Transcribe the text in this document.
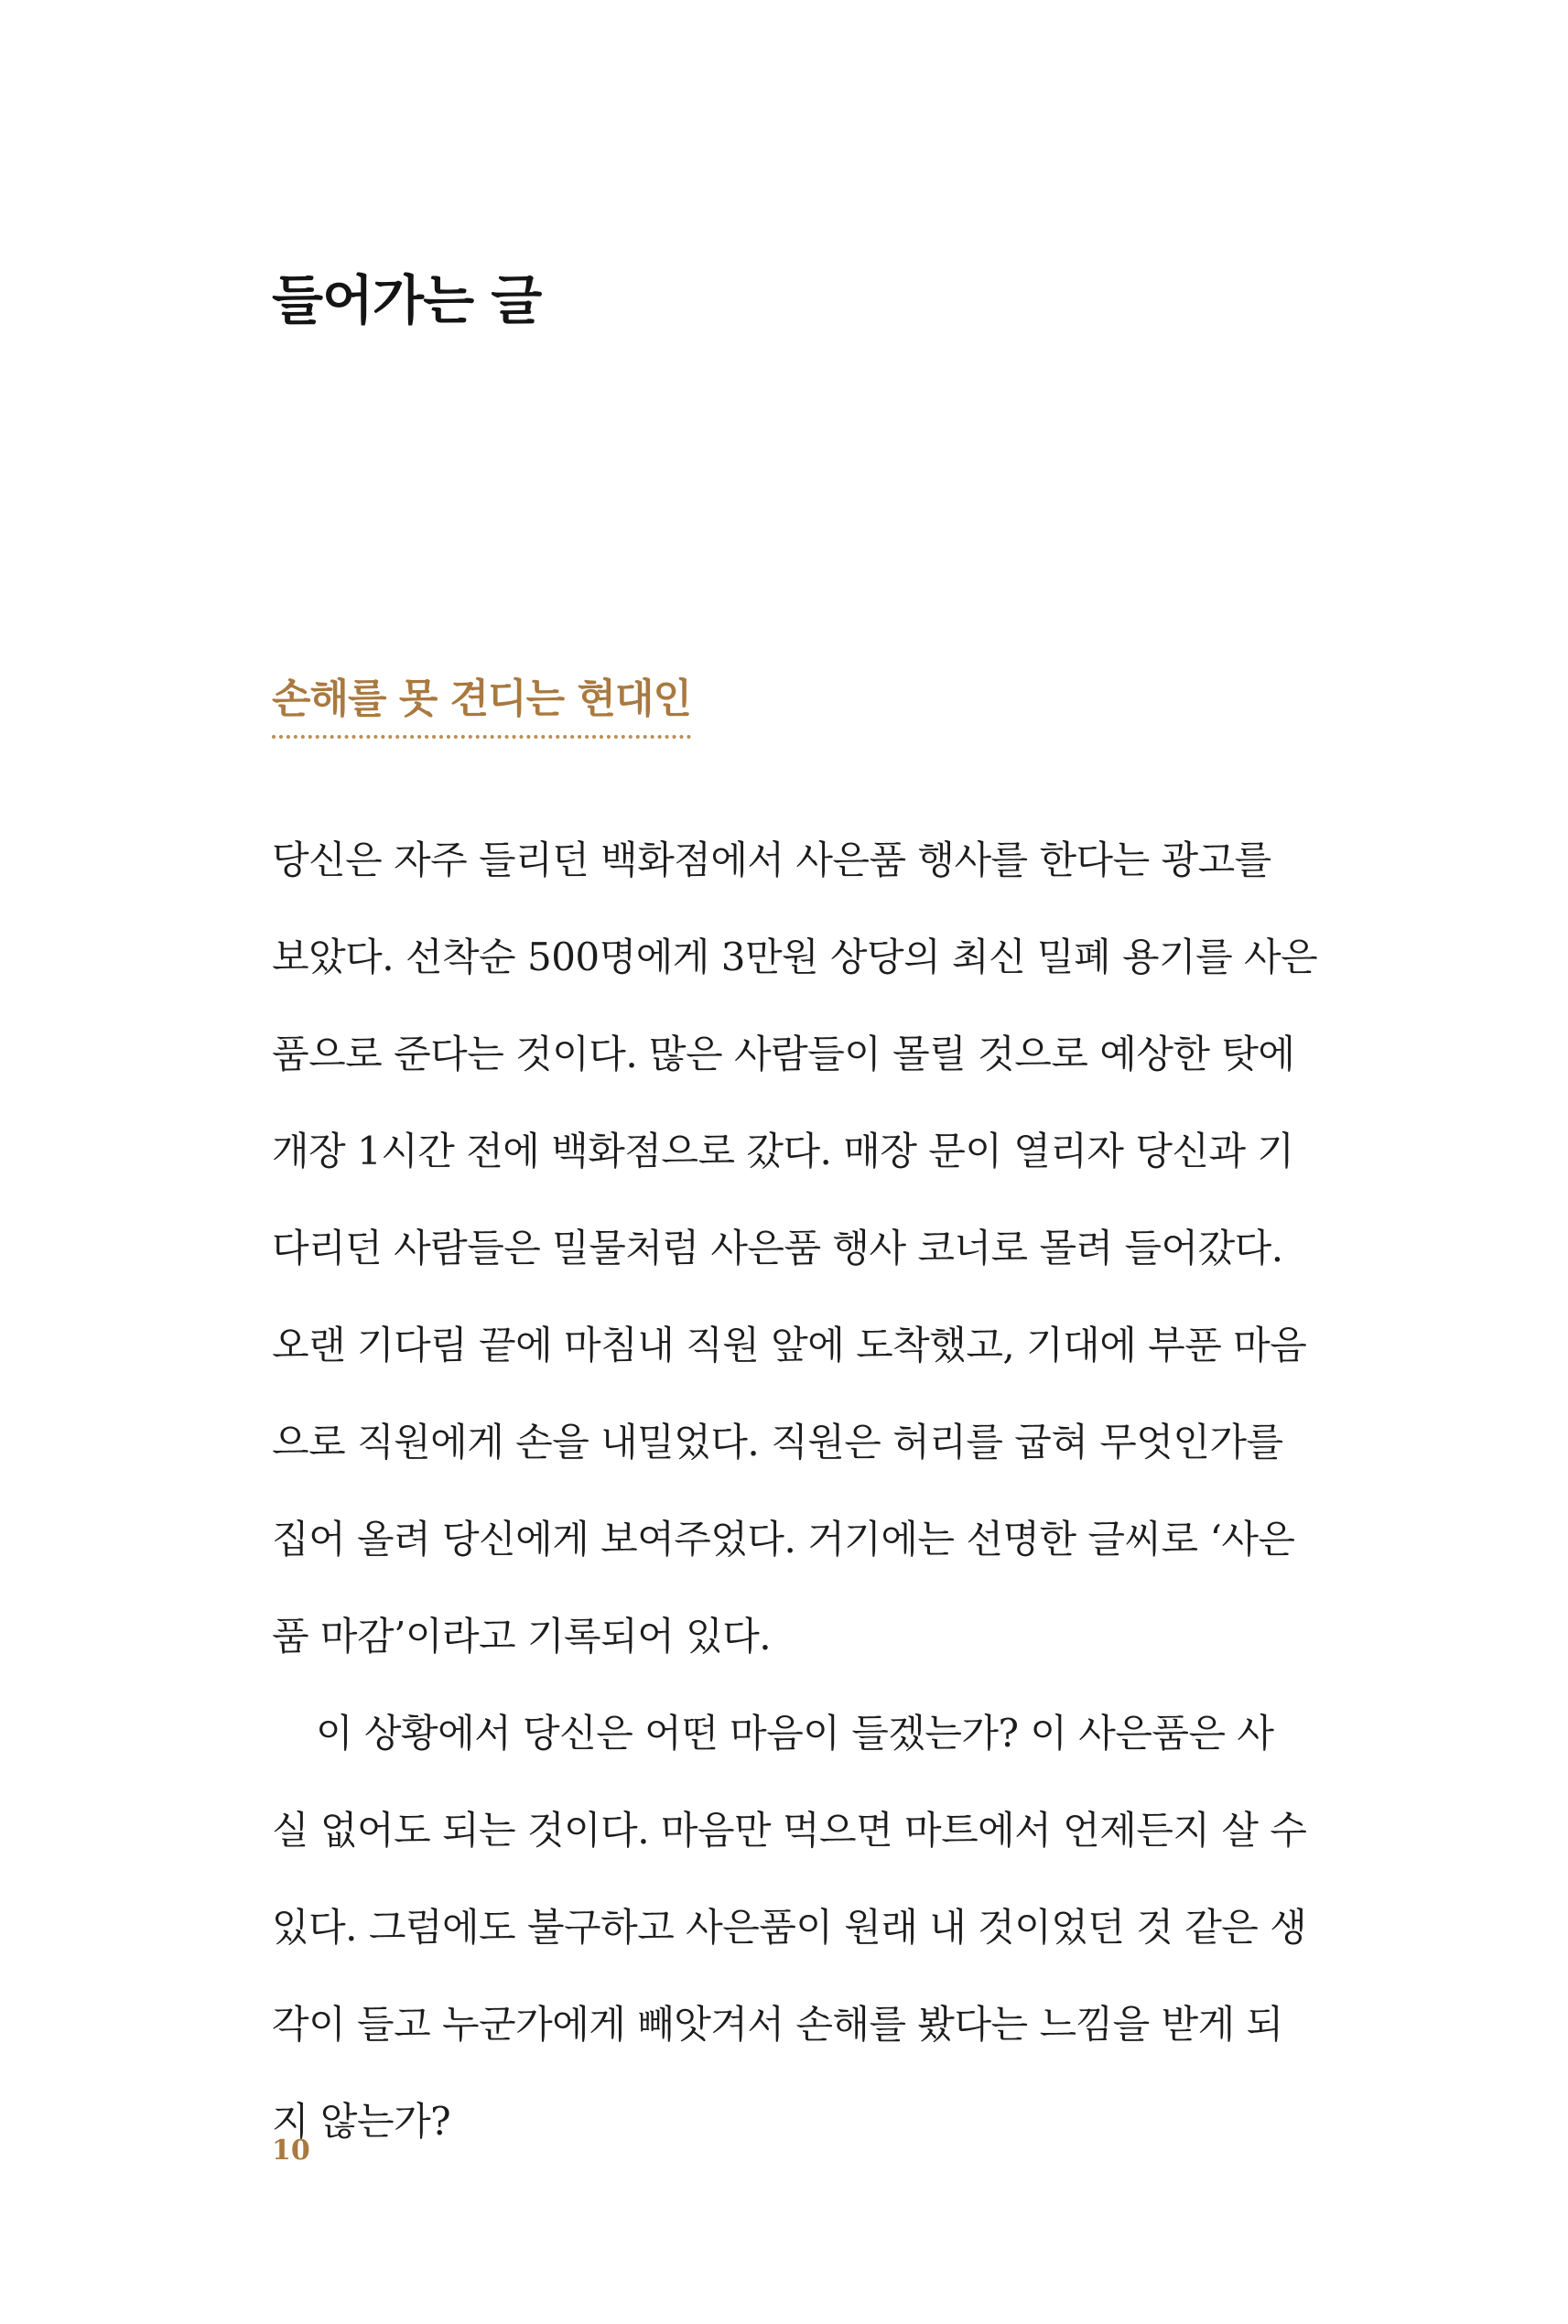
들어가는 글
손해를 못 견디는 현대인
당신은 자주 들리던 백화점에서 사은품 행사를 한다는 광고를
보았다. 선착순 500명에게 3만원 상당의 최신 밀폐 용기를 사은
품으로 준다는 것이다. 많은 사람들이 몰릴 것으로 예상한 탓에
개장 1시간 전에 백화점으로 갔다. 매장 문이 열리자 당신과 기
다리던 사람들은 밀물처럼 사은품 행사 코너로 몰려 들어갔다.
오랜 기다림 끝에 마침내 직원 앞에 도착했고, 기대에 부푼 마음
으로 직원에게 손을 내밀었다. 직원은 허리를 굽혀 무엇인가를
집어 올려 당신에게 보여주었다. 거기에는 선명한 글씨로 ‘사은
품 마감’이라고 기록되어 있다.
이 상황에서 당신은 어떤 마음이 들겠는가? 이 사은품은 사
실 없어도 되는 것이다. 마음만 먹으면 마트에서 언제든지 살 수
있다. 그럼에도 불구하고 사은품이 원래 내 것이었던 것 같은 생
각이 들고 누군가에게 빼앗겨서 손해를 봤다는 느낌을 받게 되
지 않는가?
10
